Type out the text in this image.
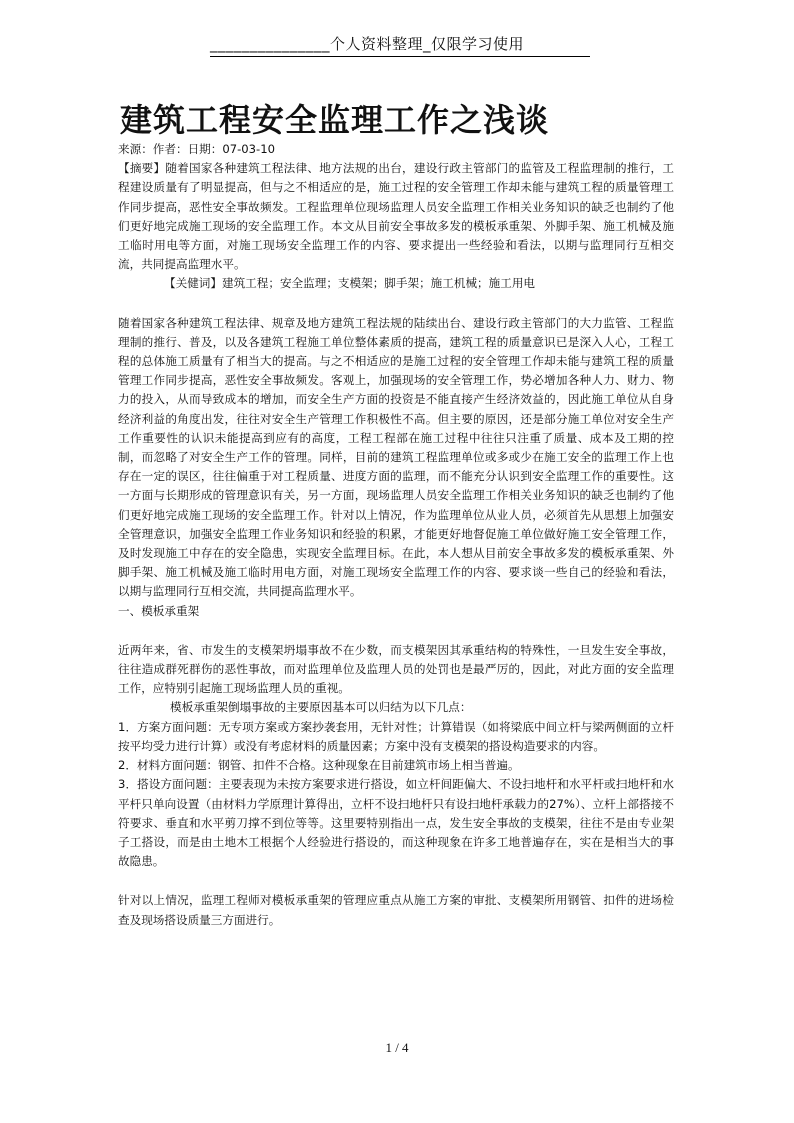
_______________个人资料整理_仅限学习使用
建筑工程安全监理工作之浅谈

来源：作者：日期：07-03-10

【摘要】随着国家各种建筑工程法律、地方法规的出台，建设行政主管部门的监管及工程监理制的推行，工程建设质量有了明显提高，但与之不相适应的是，施工过程的安全管理工作却未能与建筑工程的质量管理工作同步提高，恶性安全事故频发。工程监理单位现场监理人员安全监理工作相关业务知识的缺乏也制约了他们更好地完成施工现场的安全监理工作。本文从目前安全事故多发的模板承重架、外脚手架、施工机械及施工临时用电等方面，对施工现场安全监理工作的内容、要求提出一些经验和看法，以期与监理同行互相交流，共同提高监理水平。

【关健词】建筑工程；安全监理；支模架；脚手架；施工机械；施工用电

随着国家各种建筑工程法律、规章及地方建筑工程法规的陆续出台、建设行政主管部门的大力监管、工程监理制的推行、普及，以及各建筑工程施工单位整体素质的提高，建筑工程的质量意识已是深入人心，工程工程的总体施工质量有了相当大的提高。与之不相适应的是施工过程的安全管理工作却未能与建筑工程的质量管理工作同步提高，恶性安全事故频发。客观上，加强现场的安全管理工作，势必增加各种人力、财力、物力的投入，从而导致成本的增加，而安全生产方面的投资是不能直接产生经济效益的，因此施工单位从自身经济利益的角度出发，往往对安全生产管理工作积极性不高。但主要的原因，还是部分施工单位对安全生产工作重要性的认识未能提高到应有的高度，工程工程部在施工过程中往往只注重了质量、成本及工期的控制，而忽略了对安全生产工作的管理。同样，目前的建筑工程监理单位或多或少在施工安全的监理工作上也存在一定的误区，往往偏重于对工程质量、进度方面的监理，而不能充分认识到安全监理工作的重要性。这一方面与长期形成的管理意识有关，另一方面，现场监理人员安全监理工作相关业务知识的缺乏也制约了他们更好地完成施工现场的安全监理工作。针对以上情况，作为监理单位从业人员，必须首先从思想上加强安全管理意识，加强安全监理工作业务知识和经验的积累，才能更好地督促施工单位做好施工安全管理工作，及时发现施工中存在的安全隐患，实现安全监理目标。在此，本人想从目前安全事故多发的模板承重架、外脚手架、施工机械及施工临时用电方面，对施工现场安全监理工作的内容、要求谈一些自己的经验和看法，以期与监理同行互相交流，共同提高监理水平。

一、模板承重架

近两年来，省、市发生的支模架坍塌事故不在少数，而支模架因其承重结构的特殊性，一旦发生安全事故，往往造成群死群伤的恶性事故，而对监理单位及监理人员的处罚也是最严厉的，因此，对此方面的安全监理工作，应特别引起施工现场监理人员的重视。

模板承重架倒塌事故的主要原因基本可以归结为以下几点：

1．方案方面问题：无专项方案或方案抄袭套用，无针对性；计算错误（如将梁底中间立杆与梁两侧面的立杆按平均受力进行计算）或没有考虑材料的质量因素；方案中没有支模架的搭设构造要求的内容。

2．材料方面问题：钢管、扣件不合格。这种现象在目前建筑市场上相当普遍。

3．搭设方面问题：主要表现为未按方案要求进行搭设，如立杆间距偏大、不设扫地杆和水平杆或扫地杆和水平杆只单向设置（由材料力学原理计算得出，立杆不设扫地杆只有设扫地杆承载力的27%）、立杆上部搭接不符要求、垂直和水平剪刀撑不到位等等。这里要特别指出一点，发生安全事故的支模架，往往不是由专业架子工搭设，而是由土地木工根据个人经验进行搭设的，而这种现象在许多工地普遍存在，实在是相当大的事故隐患。

针对以上情况，监理工程师对模板承重架的管理应重点从施工方案的审批、支模架所用钢管、扣件的进场检查及现场搭设质量三方面进行。

1 / 4
